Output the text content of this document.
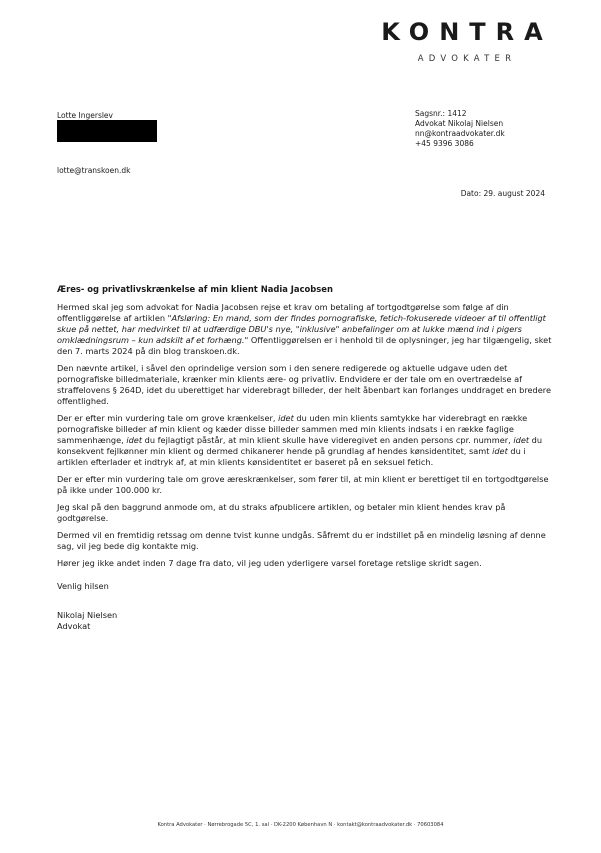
KONTRA
ADVOKATER
Lotte Ingerslev
lotte@transkoen.dk
Sagsnr.: 1412
Advokat Nikolaj Nielsen
nn@kontraadvokater.dk
+45 9396 3086
Dato: 29. august 2024
Æres- og privatlivskrænkelse af min klient Nadia Jacobsen

Hermed skal jeg som advokat for Nadia Jacobsen rejse et krav om betaling af tortgodtgørelse som følge af din offentliggørelse af artiklen "Afsløring: En mand, som der findes pornografiske, fetich-fokuserede videoer af til offentligt skue på nettet, har medvirket til at udfærdige DBU's nye, "inklusive" anbefalinger om at lukke mænd ind i pigers omklædningsrum – kun adskilt af et forhæng." Offentliggørelsen er i henhold til de oplysninger, jeg har tilgængelig, sket den 7. marts 2024 på din blog transkoen.dk.

Den nævnte artikel, i såvel den oprindelige version som i den senere redigerede og aktuelle udgave uden det pornografiske billedmateriale, krænker min klients ære- og privatliv. Endvidere er der tale om en overtrædelse af straffelovens § 264D, idet du uberettiget har viderebragt billeder, der helt åbenbart kan forlanges unddraget en bredere offentlighed.

Der er efter min vurdering tale om grove krænkelser, idet du uden min klients samtykke har viderebragt en række pornografiske billeder af min klient og kæder disse billeder sammen med min klients indsats i en række faglige sammenhænge, idet du fejlagtigt påstår, at min klient skulle have videregivet en anden persons cpr. nummer, idet du konsekvent fejlkønner min klient og dermed chikanerer hende på grundlag af hendes kønsidentitet, samt idet du i artiklen efterlader et indtryk af, at min klients kønsidentitet er baseret på en seksuel fetich.

Der er efter min vurdering tale om grove æreskrænkelser, som fører til, at min klient er berettiget til en tortgodtgørelse på ikke under 100.000 kr.

Jeg skal på den baggrund anmode om, at du straks afpublicere artiklen, og betaler min klient hendes krav på godtgørelse.

Dermed vil en fremtidig retssag om denne tvist kunne undgås. Såfremt du er indstillet på en mindelig løsning af denne sag, vil jeg bede dig kontakte mig.

Hører jeg ikke andet inden 7 dage fra dato, vil jeg uden yderligere varsel foretage retslige skridt sagen.

Venlig hilsen
Nikolaj Nielsen
Advokat
Kontra Advokater · Nørrebrogade 5C, 1. sal · DK-2200 København N · kontakt@kontraadvokater.dk · 70603084
